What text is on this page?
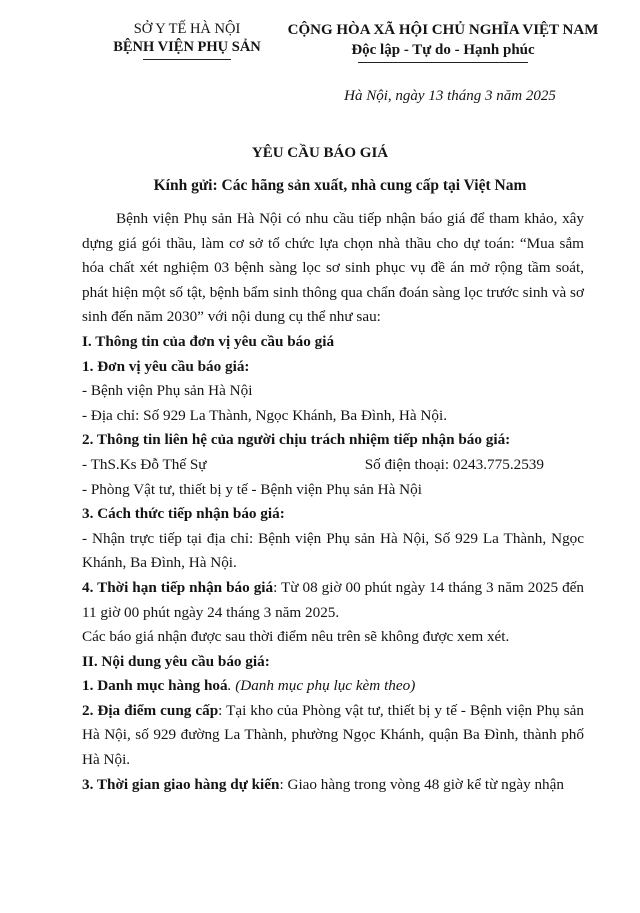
SỞ Y TẾ HÀ NỘI
BỆNH VIỆN PHỤ SẢN
CỘNG HÒA XÃ HỘI CHỦ NGHĨA VIỆT NAM
Độc lập - Tự do - Hạnh phúc
Hà Nội, ngày 13 tháng 3 năm 2025
YÊU CẦU BÁO GIÁ
Kính gửi: Các hãng sản xuất, nhà cung cấp tại Việt Nam

Bệnh viện Phụ sản Hà Nội có nhu cầu tiếp nhận báo giá để tham khảo, xây dựng giá gói thầu, làm cơ sở tổ chức lựa chọn nhà thầu cho dự toán: “Mua sắm hóa chất xét nghiệm 03 bệnh sàng lọc sơ sinh phục vụ đề án mở rộng tầm soát, phát hiện một số tật, bệnh bẩm sinh thông qua chẩn đoán sàng lọc trước sinh và sơ sinh đến năm 2030” với nội dung cụ thể như sau:

I. Thông tin của đơn vị yêu cầu báo giá

1. Đơn vị yêu cầu báo giá:

- Bệnh viện Phụ sản Hà Nội

- Địa chỉ: Số 929 La Thành, Ngọc Khánh, Ba Đình, Hà Nội.

2. Thông tin liên hệ của người chịu trách nhiệm tiếp nhận báo giá:

- ThS.Ks Đỗ Thế Sự	Số điện thoại: 0243.775.2539

- Phòng Vật tư, thiết bị y tế - Bệnh viện Phụ sản Hà Nội

3. Cách thức tiếp nhận báo giá:

- Nhận trực tiếp tại địa chỉ: Bệnh viện Phụ sản Hà Nội, Số 929 La Thành, Ngọc Khánh, Ba Đình, Hà Nội.

4. Thời hạn tiếp nhận báo giá: Từ 08 giờ 00 phút ngày 14 tháng 3 năm 2025 đến 11 giờ 00 phút ngày 24 tháng 3 năm 2025.

Các báo giá nhận được sau thời điểm nêu trên sẽ không được xem xét.

II. Nội dung yêu cầu báo giá:

1. Danh mục hàng hoá. (Danh mục phụ lục kèm theo)

2. Địa điểm cung cấp: Tại kho của Phòng vật tư, thiết bị y tế - Bệnh viện Phụ sản Hà Nội, số 929 đường La Thành, phường Ngọc Khánh, quận Ba Đình, thành phố Hà Nội.

3. Thời gian giao hàng dự kiến: Giao hàng trong vòng 48 giờ kể từ ngày nhận
